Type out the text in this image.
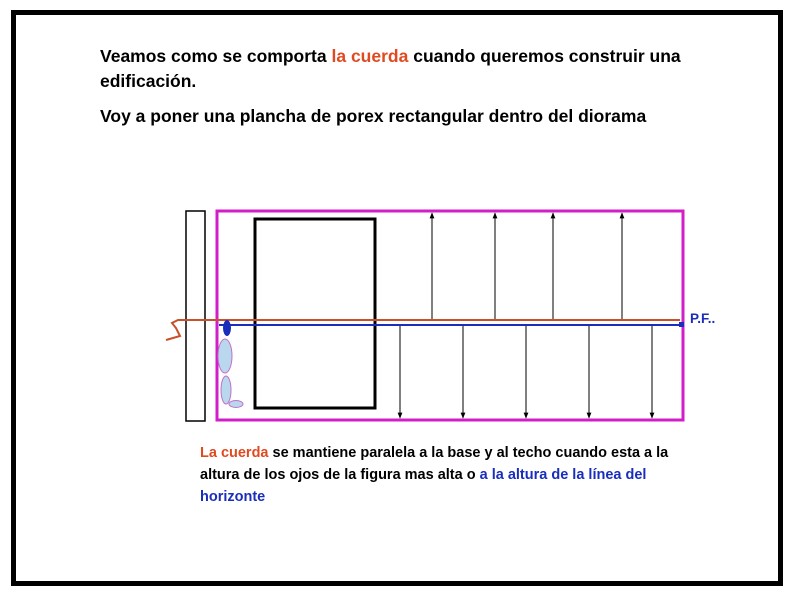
Veamos como se comporta la cuerda cuando queremos construir una edificación.
Voy a poner una plancha de porex rectangular dentro del diorama
P.F..
La cuerda se mantiene paralela a la base y al techo cuando esta a la altura de los ojos de la figura mas alta o a la altura de la línea del horizonte
